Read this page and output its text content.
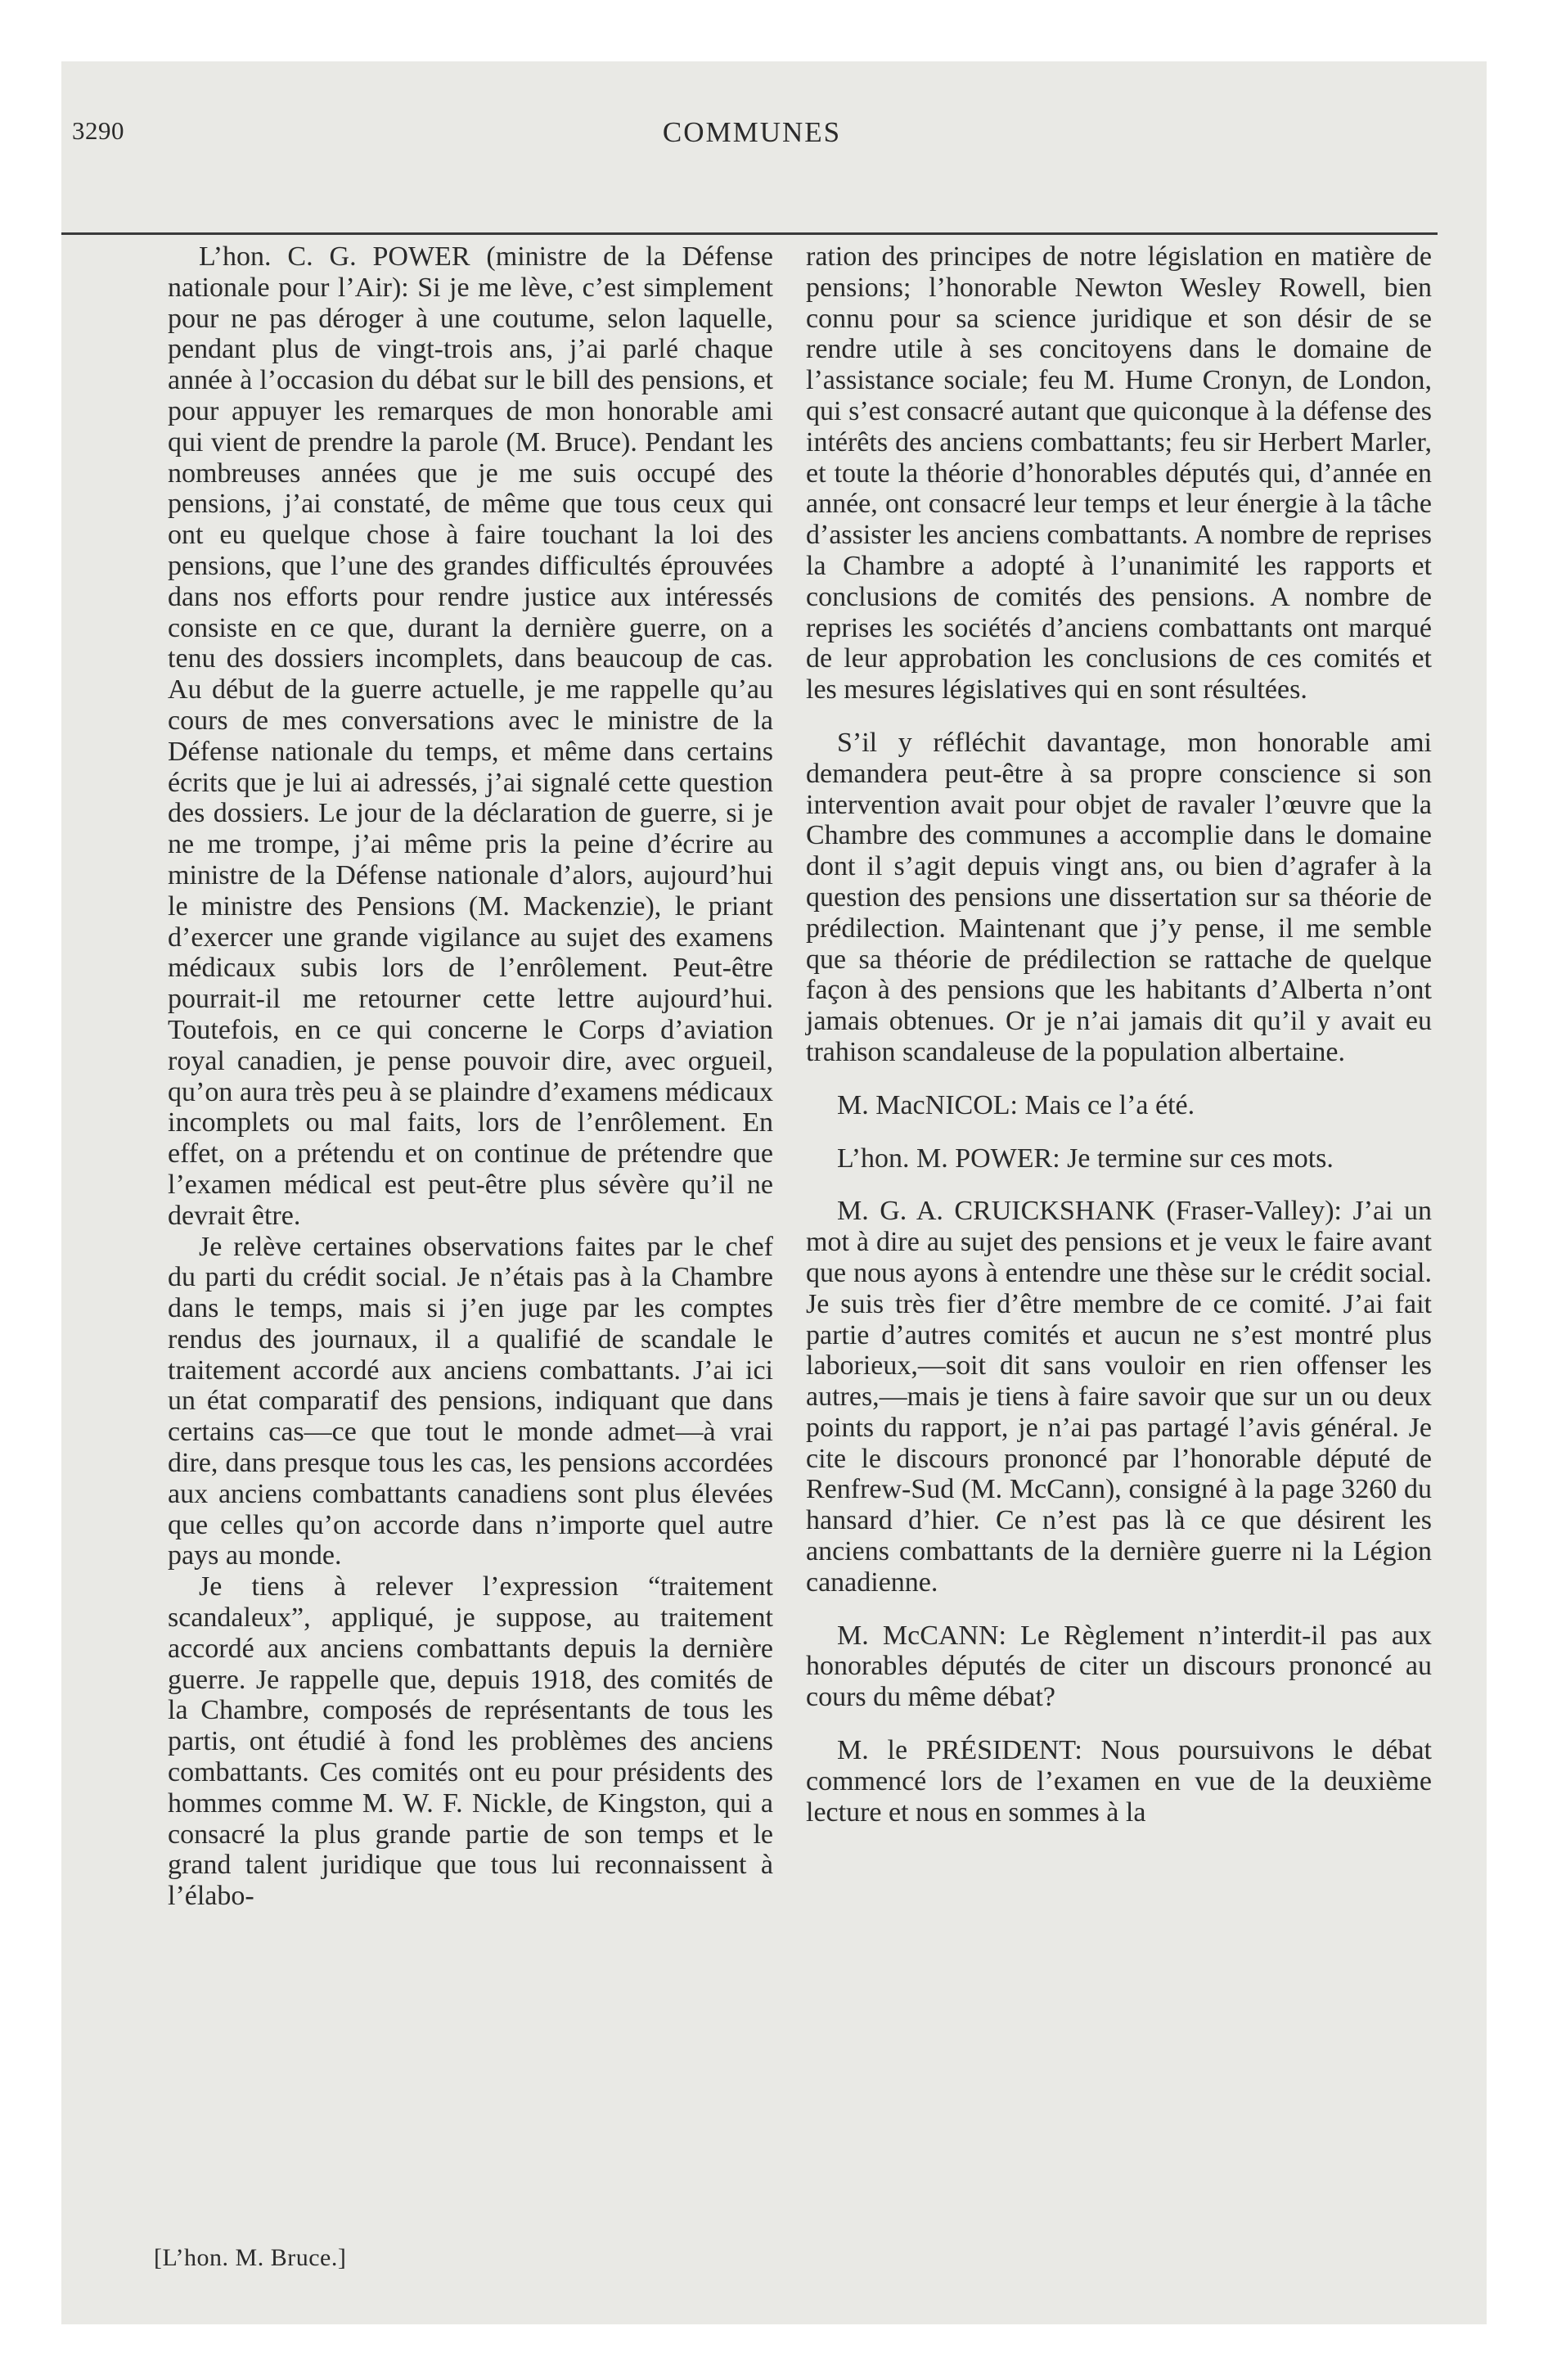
3290	COMMUNES

L’hon. C. G. POWER (ministre de la Défense nationale pour l’Air): Si je me lève, c’est simplement pour ne pas déroger à une coutume, selon laquelle, pendant plus de vingt-trois ans, j’ai parlé chaque année à l’occasion du débat sur le bill des pensions, et pour appuyer les remarques de mon honorable ami qui vient de prendre la parole (M. Bruce). Pendant les nombreuses années que je me suis occupé des pensions, j’ai constaté, de même que tous ceux qui ont eu quelque chose à faire touchant la loi des pensions, que l’une des grandes difficultés éprouvées dans nos efforts pour rendre justice aux intéressés consiste en ce que, durant la dernière guerre, on a tenu des dossiers incomplets, dans beaucoup de cas. Au début de la guerre actuelle, je me rappelle qu’au cours de mes conversations avec le ministre de la Défense nationale du temps, et même dans certains écrits que je lui ai adressés, j’ai signalé cette question des dossiers. Le jour de la déclaration de guerre, si je ne me trompe, j’ai même pris la peine d’écrire au ministre de la Défense nationale d’alors, aujourd’hui le ministre des Pensions (M. Mackenzie), le priant d’exercer une grande vigilance au sujet des examens médicaux subis lors de l’enrôlement. Peut-être pourrait-il me retourner cette lettre aujourd’hui. Toutefois, en ce qui concerne le Corps d’aviation royal canadien, je pense pouvoir dire, avec orgueil, qu’on aura très peu à se plaindre d’examens médicaux incomplets ou mal faits, lors de l’enrôlement. En effet, on a prétendu et on continue de prétendre que l’examen médical est peut-être plus sévère qu’il ne devrait être.

Je relève certaines observations faites par le chef du parti du crédit social. Je n’étais pas à la Chambre dans le temps, mais si j’en juge par les comptes rendus des journaux, il a qualifié de scandale le traitement accordé aux anciens combattants. J’ai ici un état comparatif des pensions, indiquant que dans certains cas—ce que tout le monde admet—à vrai dire, dans presque tous les cas, les pensions accordées aux anciens combattants canadiens sont plus élevées que celles qu’on accorde dans n’importe quel autre pays au monde.

Je tiens à relever l’expression “traitement scandaleux”, appliqué, je suppose, au traitement accordé aux anciens combattants depuis la dernière guerre. Je rappelle que, depuis 1918, des comités de la Chambre, composés de représentants de tous les partis, ont étudié à fond les problèmes des anciens combattants. Ces comités ont eu pour présidents des hommes comme M. W. F. Nickle, de Kingston, qui a consacré la plus grande partie de son temps et le grand talent juridique que tous lui reconnaissent à l’élabo-

ration des principes de notre législation en matière de pensions; l’honorable Newton Wesley Rowell, bien connu pour sa science juridique et son désir de se rendre utile à ses concitoyens dans le domaine de l’assistance sociale; feu M. Hume Cronyn, de London, qui s’est consacré autant que quiconque à la défense des intérêts des anciens combattants; feu sir Herbert Marler, et toute la théorie d’honorables députés qui, d’année en année, ont consacré leur temps et leur énergie à la tâche d’assister les anciens combattants. A nombre de reprises la Chambre a adopté à l’unanimité les rapports et conclusions de comités des pensions. A nombre de reprises les sociétés d’anciens combattants ont marqué de leur approbation les conclusions de ces comités et les mesures législatives qui en sont résultées.

S’il y réfléchit davantage, mon honorable ami demandera peut-être à sa propre conscience si son intervention avait pour objet de ravaler l’œuvre que la Chambre des communes a accomplie dans le domaine dont il s’agit depuis vingt ans, ou bien d’agrafer à la question des pensions une dissertation sur sa théorie de prédilection. Maintenant que j’y pense, il me semble que sa théorie de prédilection se rattache de quelque façon à des pensions que les habitants d’Alberta n’ont jamais obtenues. Or je n’ai jamais dit qu’il y avait eu trahison scandaleuse de la population albertaine.

M. MacNICOL: Mais ce l’a été.

L’hon. M. POWER: Je termine sur ces mots.

M. G. A. CRUICKSHANK (Fraser-Valley): J’ai un mot à dire au sujet des pensions et je veux le faire avant que nous ayons à entendre une thèse sur le crédit social. Je suis très fier d’être membre de ce comité. J’ai fait partie d’autres comités et aucun ne s’est montré plus laborieux,—soit dit sans vouloir en rien offenser les autres,—mais je tiens à faire savoir que sur un ou deux points du rapport, je n’ai pas partagé l’avis général. Je cite le discours prononcé par l’honorable député de Renfrew-Sud (M. McCann), consigné à la page 3260 du hansard d’hier. Ce n’est pas là ce que désirent les anciens combattants de la dernière guerre ni la Légion canadienne.

M. McCANN: Le Règlement n’interdit-il pas aux honorables députés de citer un discours prononcé au cours du même débat?

M. le PRÉSIDENT: Nous poursuivons le débat commencé lors de l’examen en vue de la deuxième lecture et nous en sommes à la

[L’hon. M. Bruce.]
